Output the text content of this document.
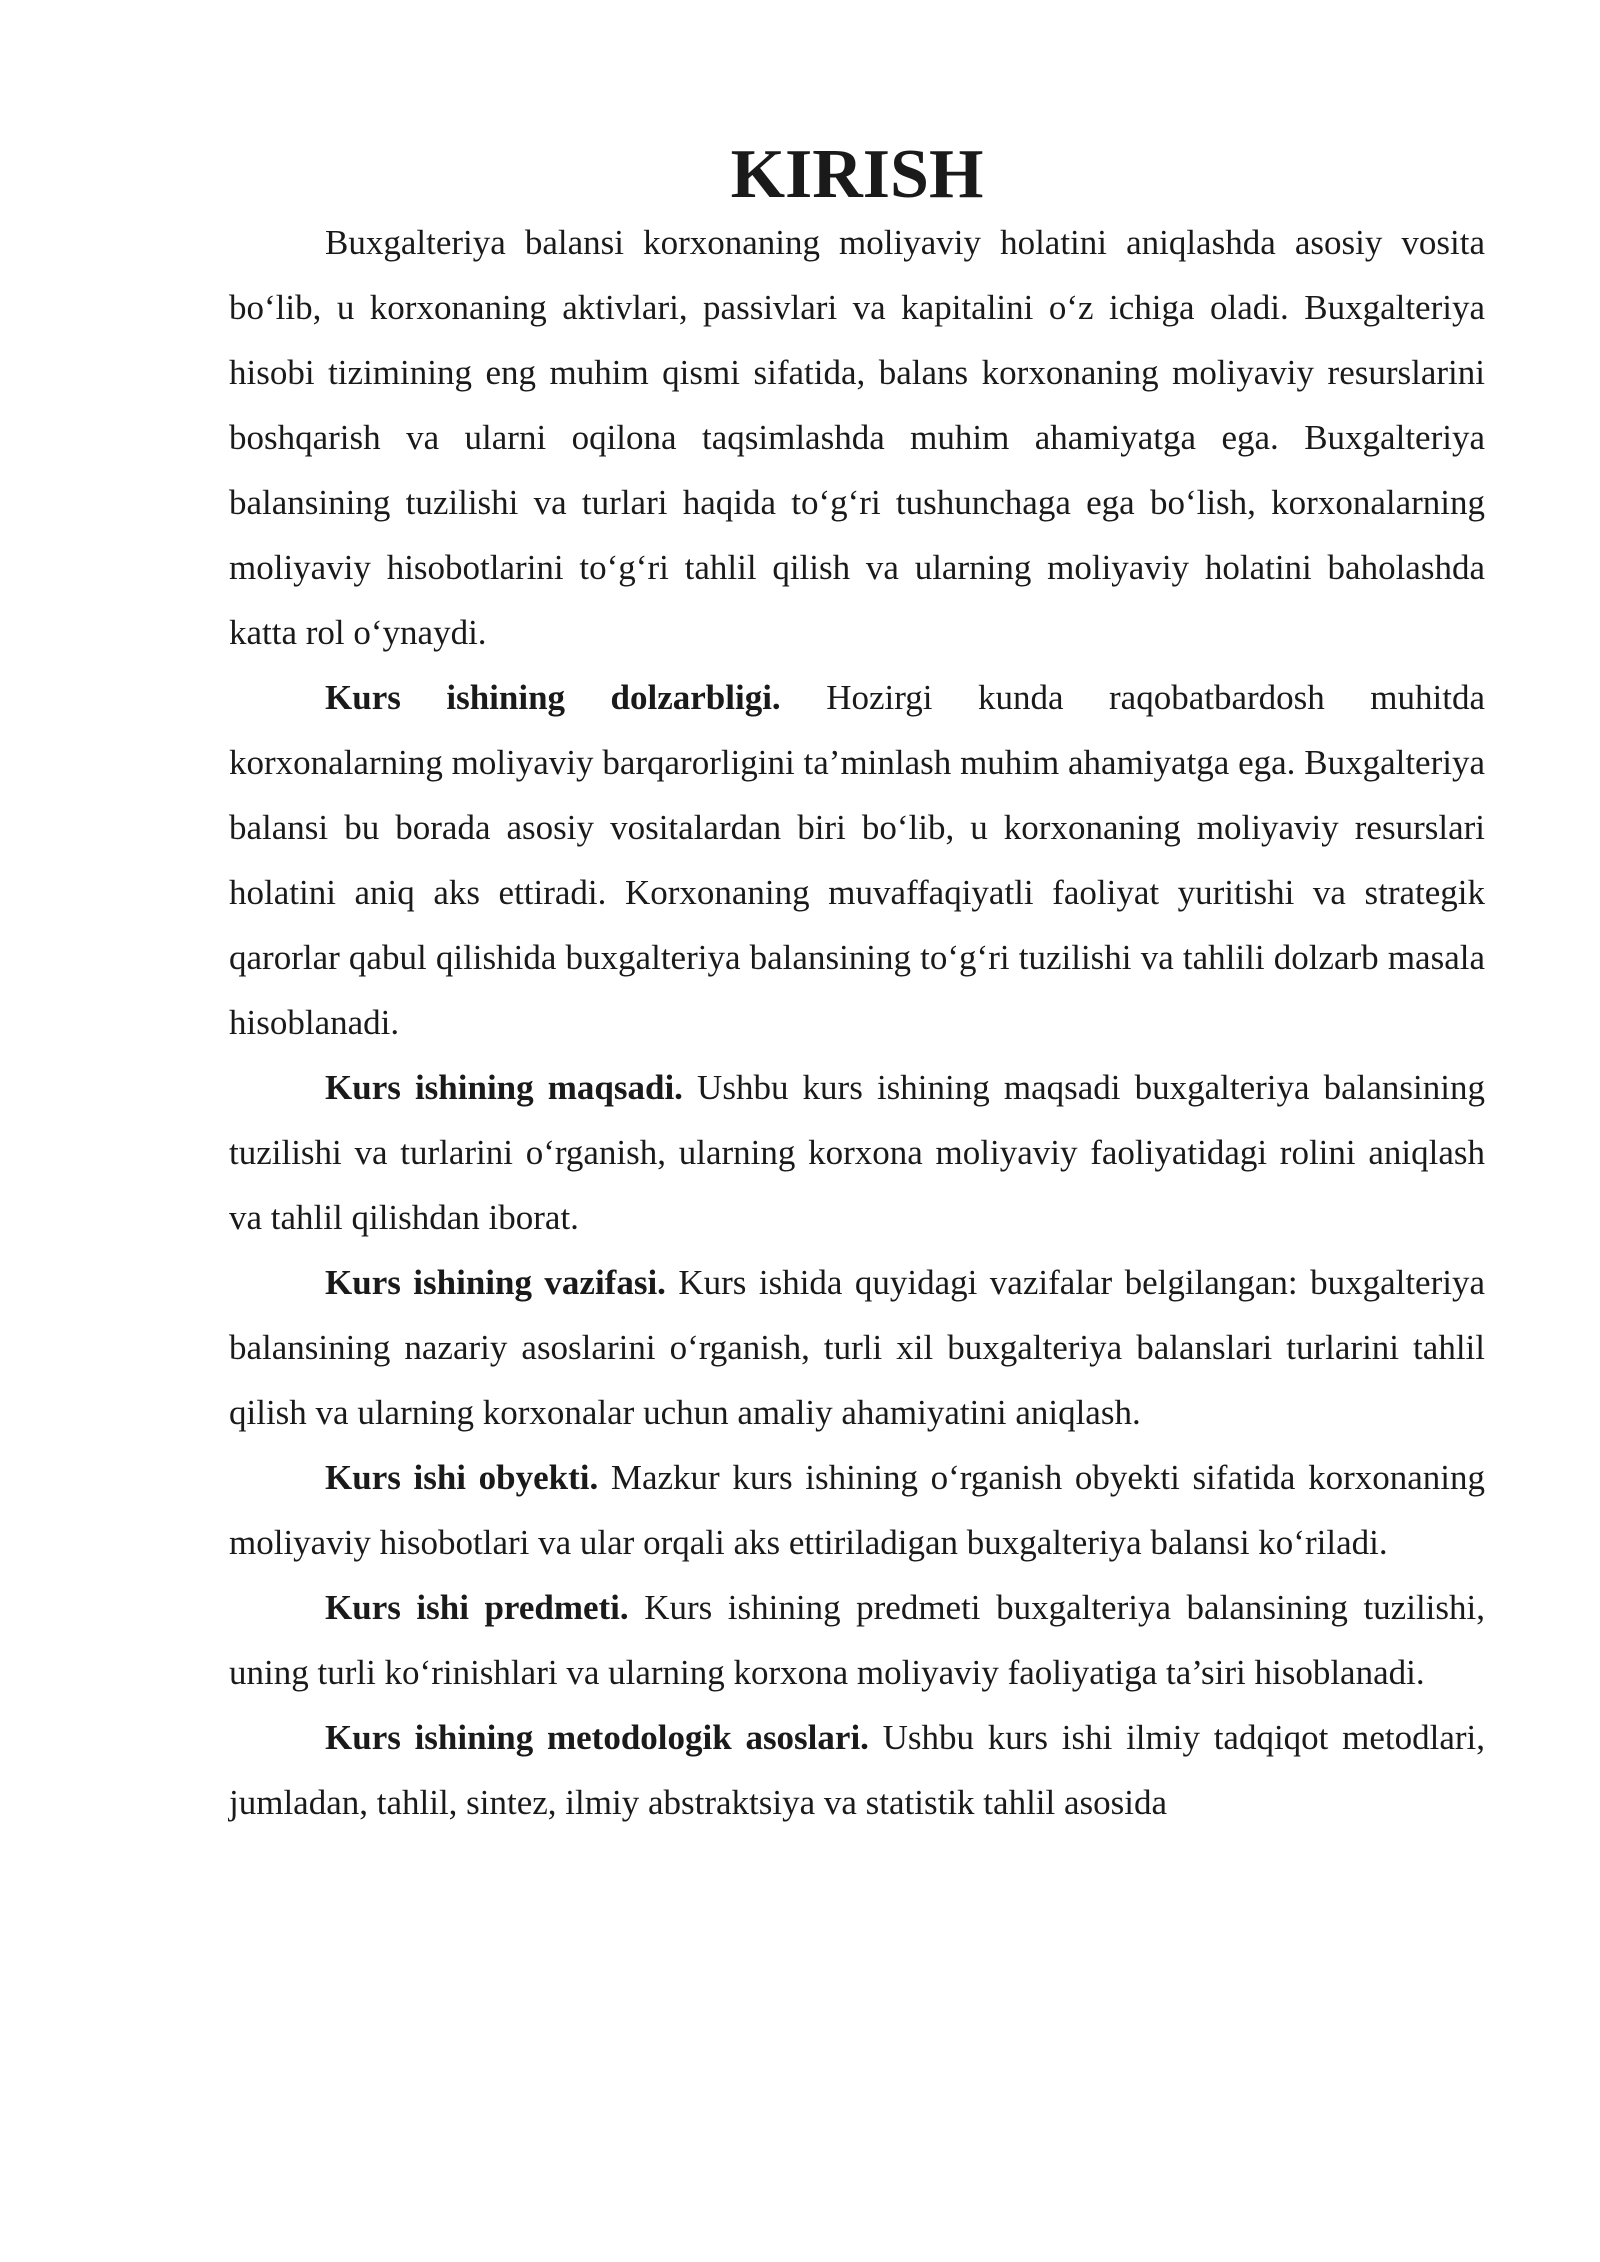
KIRISH

Buxgalteriya balansi korxonaning moliyaviy holatini aniqlashda asosiy vosita bo‘lib, u korxonaning aktivlari, passivlari va kapitalini o‘z ichiga oladi. Buxgalteriya hisobi tizimining eng muhim qismi sifatida, balans korxonaning moliyaviy resurslarini boshqarish va ularni oqilona taqsimlashda muhim ahamiyatga ega. Buxgalteriya balansining tuzilishi va turlari haqida to‘g‘ri tushunchaga ega bo‘lish, korxonalarning moliyaviy hisobotlarini to‘g‘ri tahlil qilish va ularning moliyaviy holatini baholashda katta rol o‘ynaydi.

Kurs ishining dolzarbligi. Hozirgi kunda raqobatbardosh muhitda korxonalarning moliyaviy barqarorligini ta’minlash muhim ahamiyatga ega. Buxgalteriya balansi bu borada asosiy vositalardan biri bo‘lib, u korxonaning moliyaviy resurslari holatini aniq aks ettiradi. Korxonaning muvaffaqiyatli faoliyat yuritishi va strategik qarorlar qabul qilishida buxgalteriya balansining to‘g‘ri tuzilishi va tahlili dolzarb masala hisoblanadi.

Kurs ishining maqsadi. Ushbu kurs ishining maqsadi buxgalteriya balansining tuzilishi va turlarini o‘rganish, ularning korxona moliyaviy faoliyatidagi rolini aniqlash va tahlil qilishdan iborat.

Kurs ishining vazifasi. Kurs ishida quyidagi vazifalar belgilangan: buxgalteriya balansining nazariy asoslarini o‘rganish, turli xil buxgalteriya balanslari turlarini tahlil qilish va ularning korxonalar uchun amaliy ahamiyatini aniqlash.

Kurs ishi obyekti. Mazkur kurs ishining o‘rganish obyekti sifatida korxonaning moliyaviy hisobotlari va ular orqali aks ettiriladigan buxgalteriya balansi ko‘riladi.

Kurs ishi predmeti. Kurs ishining predmeti buxgalteriya balansining tuzilishi, uning turli ko‘rinishlari va ularning korxona moliyaviy faoliyatiga ta’siri hisoblanadi.

Kurs ishining metodologik asoslari. Ushbu kurs ishi ilmiy tadqiqot metodlari, jumladan, tahlil, sintez, ilmiy abstraktsiya va statistik tahlil asosida
